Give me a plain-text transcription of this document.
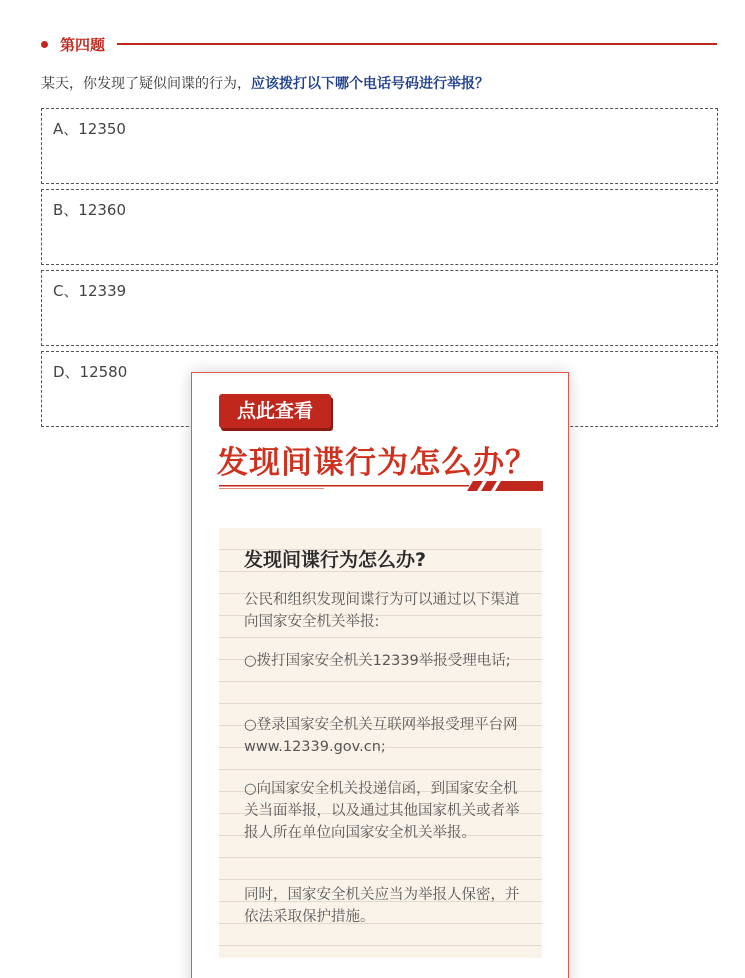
第四题
某天，你发现了疑似间谍的行为，应该拨打以下哪个电话号码进行举报？
A、12350
B、12360
C、12339
D、12580
点此查看
发现间谍行为怎么办？
发现间谍行为怎么办?
公民和组织发现间谍行为可以通过以下渠道向国家安全机关举报:
○拨打国家安全机关12339举报受理电话;
○登录国家安全机关互联网举报受理平台网www.12339.gov.cn;
○向国家安全机关投递信函，到国家安全机关当面举报，以及通过其他国家机关或者举报人所在单位向国家安全机关举报。
同时，国家安全机关应当为举报人保密，并依法采取保护措施。
